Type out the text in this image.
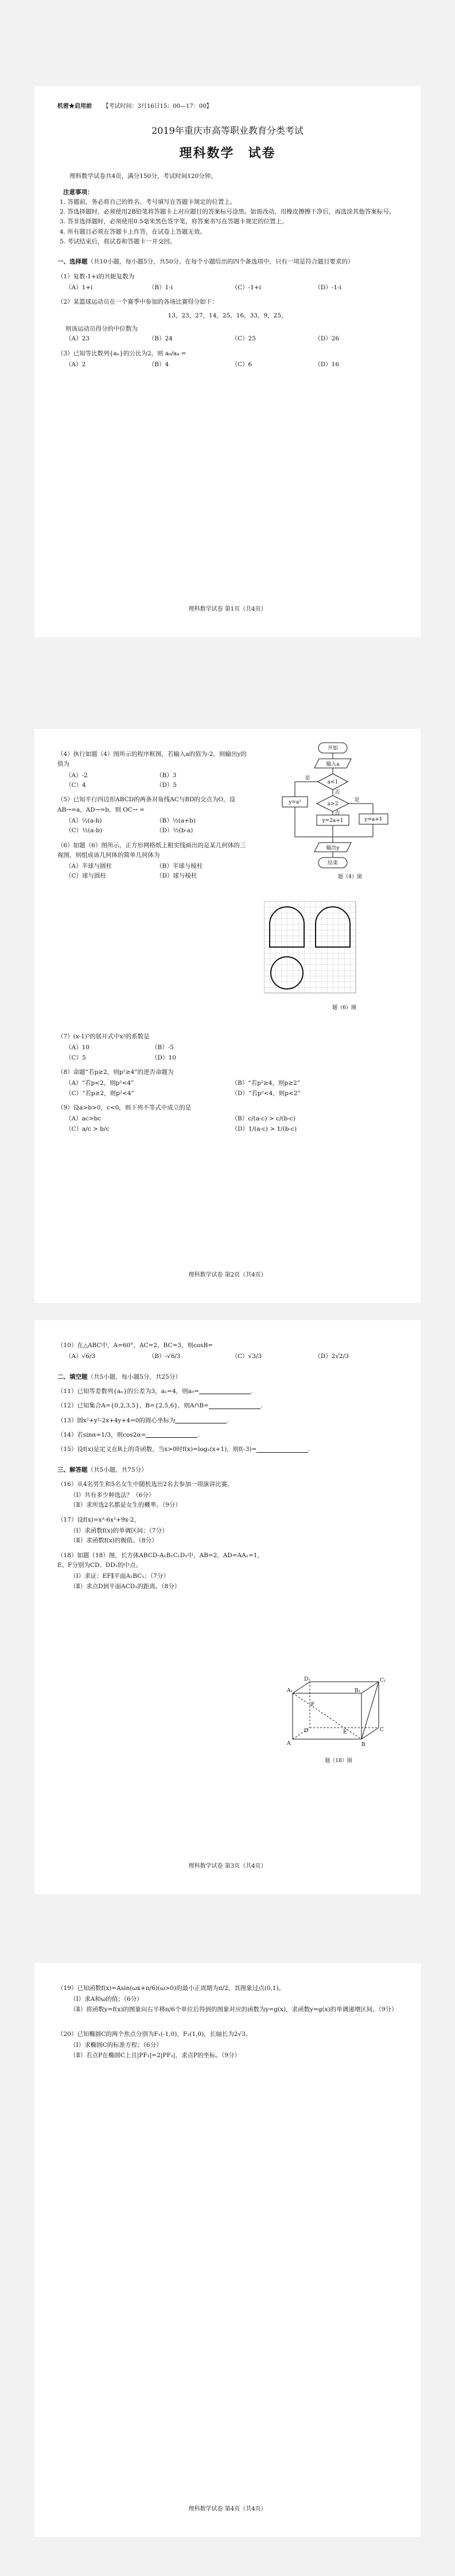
机密★启用前 【考试时间：3月16日15：00—17：00】
2019年重庆市高等职业教育分类考试
理科数学　试卷
理科数学试卷共4页，满分150分，考试时间120分钟。
注意事项：
1. 答题前，务必将自己的姓名、考号填写在答题卡规定的位置上。
2. 答选择题时，必须使用2B铅笔将答题卡上对应题目的答案标号涂黑。如需改动，用橡皮擦擦干净后，再选涂其他答案标号。
3. 答非选择题时，必须使用0.5毫米黑色签字笔，将答案书写在答题卡规定的位置上。
4. 所有题目必须在答题卡上作答，在试卷上答题无效。
5. 考试结束后，将试卷和答题卡一并交回。
一、选择题（共10小题，每小题5分，共50分。在每个小题给出的四个备选项中，只有一项是符合题目要求的）
（1）复数-1+i的共轭复数为
（A）1+i	（B）1-i	（C）-1+i	（D）-1-i
（2）某篮球运动员在一个赛季中参加的各场比赛得分如下：
13，23，27，14，25，16，33，9，25，
则该运动员得分的中位数为
（A）23	（B）24	（C）25	（D）26
（3）已知等比数列{aₙ}的公比为2，则 a₆/a₄ =
（A）2	（B）4	（C）6	（D）16
理科数学试卷 第1页（共4页）
（4）执行如题（4）图所示的程序框图，若输入a的值为-2，则输出y的值为
（A）-2	（B）3
（C）4	（D）5
（5）已知平行四边形ABCD的两条对角线AC与BD的交点为O，设 AB→=a，AD→=b，则 OC→ =
（A）½(a-b)	（B）½(a+b)
（C）½(a-b)	（D）½(b-a)
（6）如题（6）图所示，正方形网格纸上粗实线画出的是某几何体的三视图，则组成该几何体的简单几何体为
（A）半球与圆柱	（B）半球与棱柱
（C）球与圆柱	（D）球与棱柱
开始
输入a
a<1
a>2
y=a²
y=2a+1	y=a+1
输出y
结束
是
否
是
否
题（4）图
题（6）图
（7）(x-1)⁵的展开式中x²的系数是
（A）10	（B）-5
（C）5	（D）10
（8）命题“若p≥2，则p²≥4”的逆否命题为
（A）“若p<2，则p²<4”	（B）“若p²≥4，则p≥2”
（C）“若p≥2，则p²<4”	（D）“若p²<4，则p<2”
（9）设a>b>0，c<0，则下列不等式中成立的是
（A）ac>bc	（B）c/(a-c) > c/(b-c)
（C）a/c > b/c	（D）1/(a-c) > 1/(b-c)
理科数学试卷 第2页（共4页）
（10）在△ABC中，A=60°，AC=2，BC=3，则cosB=
（A）√6/3	（B）-√6/3	（C）√3/3	（D）2√2/3
二、填空题（共5小题，每小题5分，共25分）
（11）已知等差数列{aₙ}的公差为3，a₁=4，则a₅=	.
（12）已知集合A={0,2,3,5}，B={2,5,6}，则A∩B=	.
（13）圆x²+y²-2x+4y+4=0的圆心坐标为	.
（14）若sinα=1/3，则cos2α=	.
（15）设f(x)是定义在R上的奇函数，当x>0时f(x)=log₂(x+1)，则f(-3)=	.
三、解答题（共5小题，共75分）
（16）从4名男生和5名女生中随机选出2名去参加一项演讲比赛。
（Ⅰ）共有多少种选法？（6分）
（Ⅱ）求所选2名都是女生的概率。（9分）
（17）设f(x)=x³-6x²+9x-2，
（Ⅰ）求函数f(x)的单调区间；（7分）
（Ⅱ）求函数f(x)的极值。（8分）
（18）如题（18）图，长方体ABCD-A₁B₁C₁D₁中，AB=2，AD=AA₁=1，E、F分别为CD、DD₁的中点。
（Ⅰ）求证：EF∥平面A₁BC₁；（7分）
（Ⅱ）求点D到平面ACD₁的距离。（8分）
A₁	B₁
C₁
D₁
A	B
C
D	E
F
题（18）图
理科数学试卷 第3页（共4页）
（19）已知函数f(x)=Asin(ωx+π/6)(ω>0)的最小正周期为π/2，其图象过点(0,1)。
（Ⅰ）求A和ω的值；（6分）
（Ⅱ）将函数y=f(x)的图象向右平移π/6个单位后得到的图象对应的函数为y=g(x)，求函数y=g(x)的单调递增区间。（9分）
（20）已知椭圆C的两个焦点分别为F₁(-1,0)，F₂(1,0)，长轴长为2√3。
（Ⅰ）求椭圆C的标准方程；（6分）
（Ⅱ）若点P在椭圆C上且|PF₁|=2|PF₂|，求点P的坐标。（9分）
理科数学试卷 第4页（共4页）
